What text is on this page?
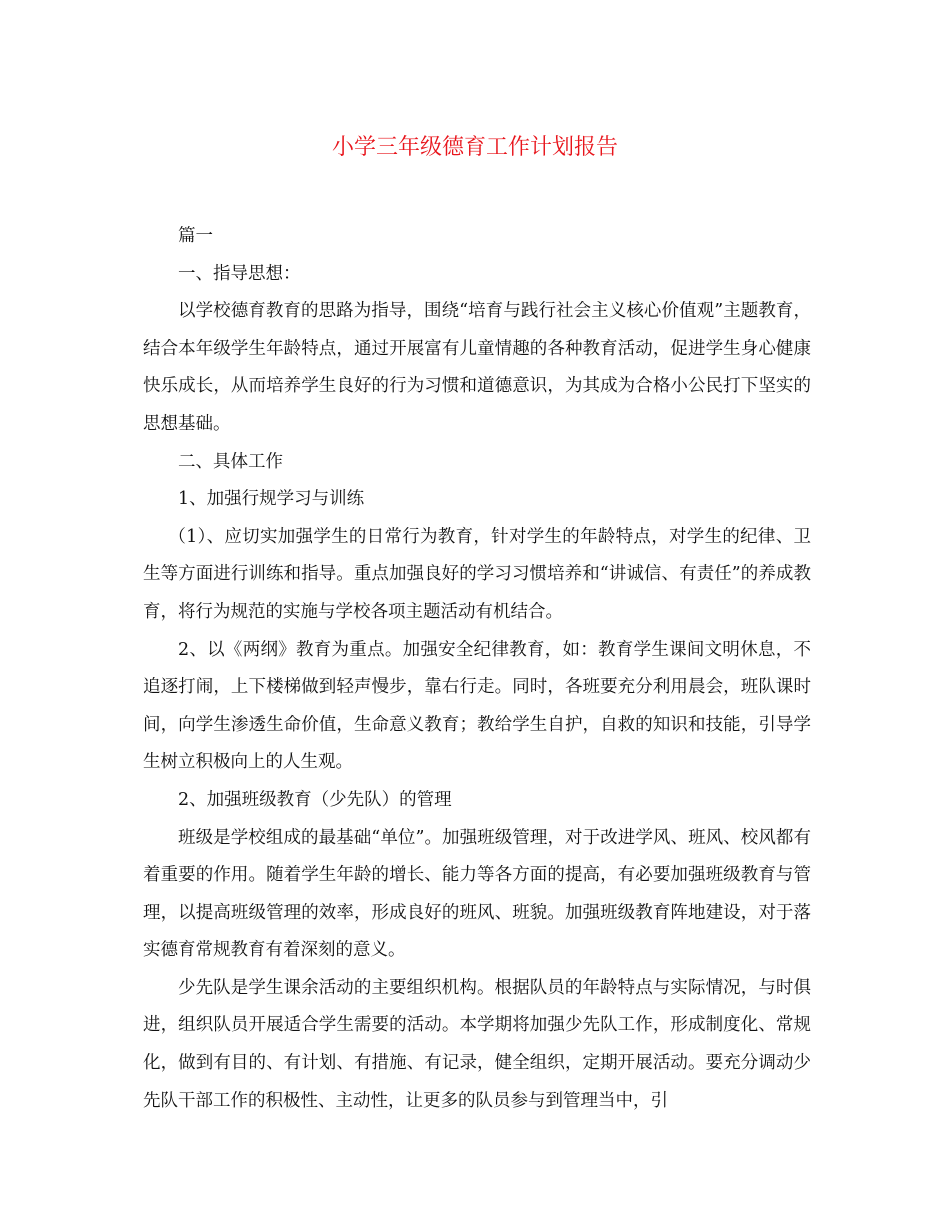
小学三年级德育工作计划报告

篇一

一、指导思想：

以学校德育教育的思路为指导，围绕“培育与践行社会主义核心价值观”主题教育，结合本年级学生年龄特点，通过开展富有儿童情趣的各种教育活动，促进学生身心健康快乐成长，从而培养学生良好的行为习惯和道德意识，为其成为合格小公民打下坚实的思想基础。

二、具体工作

1、加强行规学习与训练

（1）、应切实加强学生的日常行为教育，针对学生的年龄特点，对学生的纪律、卫生等方面进行训练和指导。重点加强良好的学习习惯培养和“讲诚信、有责任”的养成教育，将行为规范的实施与学校各项主题活动有机结合。

2、以《两纲》教育为重点。加强安全纪律教育，如：教育学生课间文明休息，不追逐打闹，上下楼梯做到轻声慢步，靠右行走。同时，各班要充分利用晨会，班队课时间，向学生渗透生命价值，生命意义教育；教给学生自护，自救的知识和技能，引导学生树立积极向上的人生观。

2、加强班级教育（少先队）的管理

班级是学校组成的最基础“单位”。加强班级管理，对于改进学风、班风、校风都有着重要的作用。随着学生年龄的增长、能力等各方面的提高，有必要加强班级教育与管理，以提高班级管理的效率，形成良好的班风、班貌。加强班级教育阵地建设，对于落实德育常规教育有着深刻的意义。

少先队是学生课余活动的主要组织机构。根据队员的年龄特点与实际情况，与时俱进，组织队员开展适合学生需要的活动。本学期将加强少先队工作，形成制度化、常规化，做到有目的、有计划、有措施、有记录，健全组织，定期开展活动。要充分调动少先队干部工作的积极性、主动性，让更多的队员参与到管理当中，引
